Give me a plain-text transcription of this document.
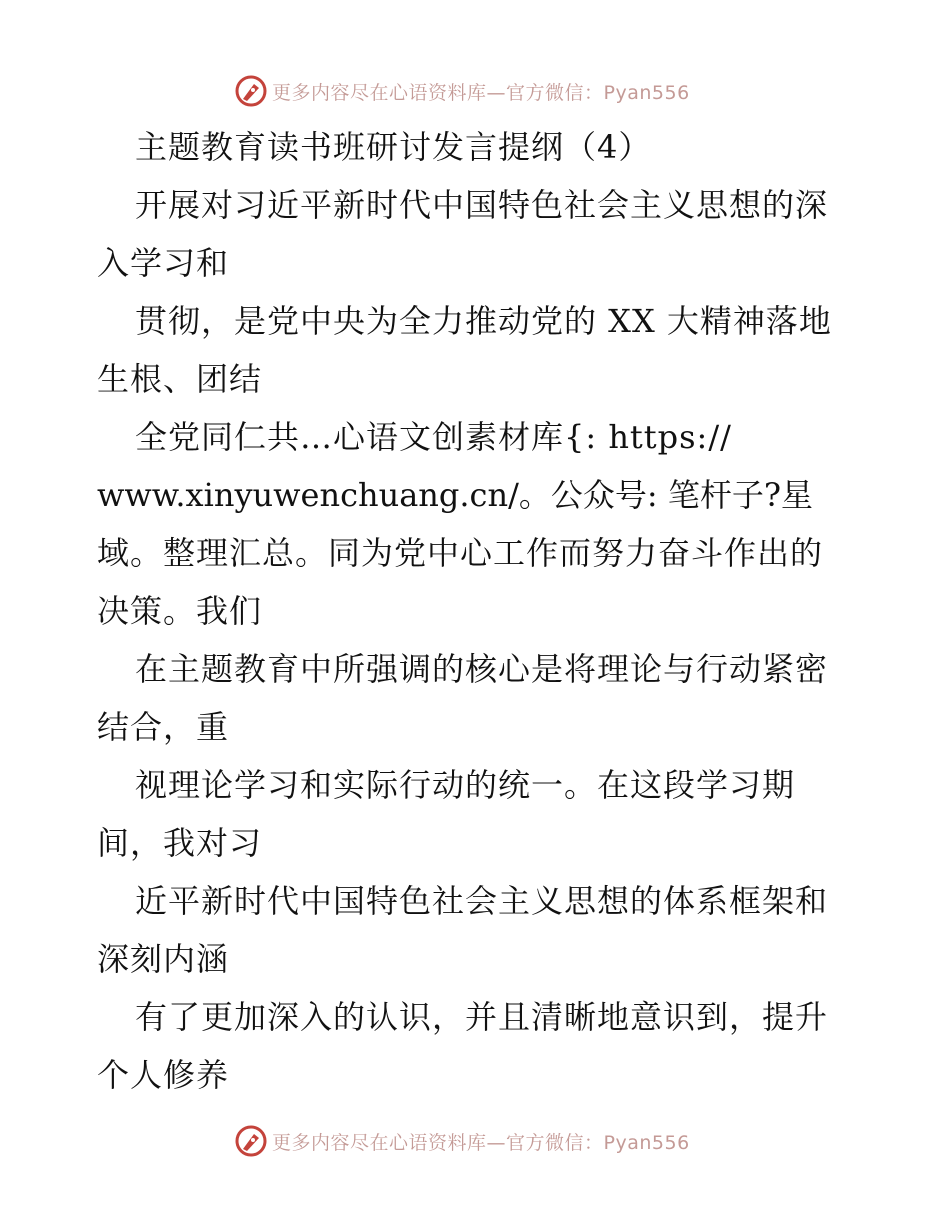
更多内容尽在心语资料库—官方微信：Pyan556
主题教育读书班研讨发言提纲（4）
开展对习近平新时代中国特色社会主义思想的深
入学习和
贯彻，是党中央为全力推动党的 XX 大精神落地
生根、团结
全党同仁共…心语文创素材库{: https://
www.xinyuwenchuang.cn/。公众号: 笔杆子?星
域。整理汇总。同为党中心工作而努力奋斗作出的
决策。我们
在主题教育中所强调的核心是将理论与行动紧密
结合，重
视理论学习和实际行动的统一。在这段学习期
间，我对习
近平新时代中国特色社会主义思想的体系框架和
深刻内涵
有了更加深入的认识，并且清晰地意识到，提升
个人修养
更多内容尽在心语资料库—官方微信：Pyan556
